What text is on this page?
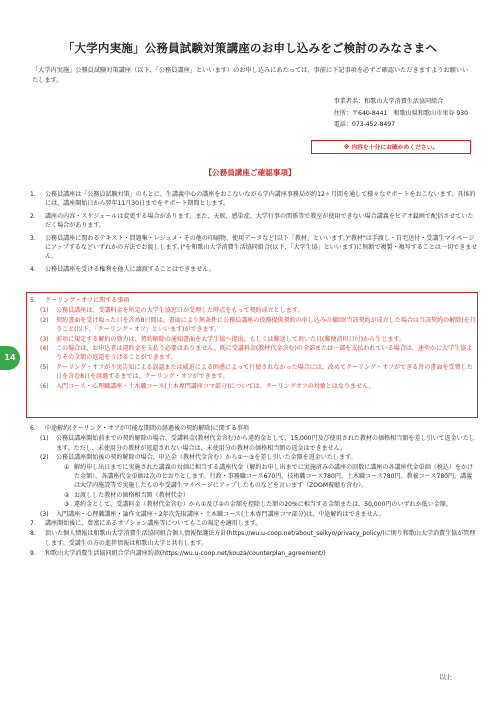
「大学内実施」公務員試験対策講座のお申し込みをご検討のみなさまへ
「大学内実施」公務員試験対策講座（以下、「公務員講座」といいます）のお申し込みにあたっては、事前に下記事項を必ずご確認いただきますようお願いいたします。
事業者名：和歌山大学消費生活協同組合
住所：〒640-8441　和歌山県和歌山市栄谷 930
電話：073-452-8497
※ 内容を十分にお確かめください。
【公務員講座ご確認事項】
1. 公務員講座は「公務員試験対策」のもとに、生講義中心の講座をおこないながら学内講座事務局が約12ヶ月間を通して様々なサポートをおこないます。具体的には、講座開始日から翌年11月30日までをサポート期間とします。
2. 講座の内容・スケジュールは変更する場合があります。また、天候、感染症、大学行事の関係等で教室が使用できない場合講義をビデオ録画で配信させていただく場合があります。
3. 公務員講座に関わるテキスト・問題集・レジュメ・その他の印刷物、使用データなど(以下「教材」といいます。)"教材"は手渡し・自宅送付・受講生マイページにアップするなどいずれかの方法でお渡しします。)"を和歌山大学消費生活協同組合(以下、「大学生協」といいます)に無断で複製・複写することは一切できません。
4. 公務員講座を受ける権利を他人に譲渡することはできません。
5. クーリング・オフに関する事項
(1) 公務員講座は、受講料金を所定の大学生協窓口が受理した時点をもって契約成立とします。
(2) 契約書面を受け取った日を含め8日間は、書面により無条件に公務員講座の役務提供契約の申し込みの撤回(当該契約が成立した場合は当該契約の解除)を行うこと(以下、「クーリング・オフ」といいます)ができます。
(3) 前項に規定する解約の効力は、契約解除の通知書面を大学生協へ提出、もしくは郵送して頂いた日(郵便消印日付)から生じます。
(4) この場合は、お申込者は違約金を支払う必要はありません。既に受講料金(教材代金含む)の全部または一部を支払われている場合は、速やかに大学生協よりその全額の返還をうけることができます。
(5) クーリング・オフが不実告知による誤認または威迫による困惑によって行使されなかった場合には、改めてクーリング・オフができる旨の書面を受領した日を含む8日を経過するまでは、クーリング・オフができます。
(6) 入門コース・心理職講座・土木職コース(土木専門講座コマ部分)については、クーリングオフの対象とはなりません。
14
6. 中途解約(クーリング・オフが可能な期間の経過後の契約解除)に関する事項
(1) 公務員講座開始前までの契約解除の場合、受講料金(教材代金含む)から違約金として、15,000円及び使用された教材の価格相当額を差し引いて返金いたします。ただし、未使用分の教材が返還されない場合は、未使用分の教材の価格相当額の返金はできません。
(2) 公務員講座開始後の契約解除の場合、申込金（教材代金含む）から①～③を差し引いた金額を返金いたします。
① 解約申し出日までに実施された講義の対価に相当する講座代金（解約お申し出までに実施済みの講座の回数に講座の各講座代金単価（税込）をかけた金額）。各講座代金単価は次のとおりとします。行政・事務職コース670円、技術職コース780円、土木職コース780円、教養コース780円。講義は大学内施設等で実施したものや受講生マイページにアップしたものなどを言います（ZOOM視聴も含む）。
② お渡しした教材の価格相当額（教材代金）
③ 違約金として、受講料金（教材代金含む）から①及び②の金額を控除した額の20%に相当する金額または、50,000円のいずれか低い金額。
(3) 入門講座・心理職講座・論作文講座・2年次先取講座・土木職コース(土木専門講座コマ部分)は、中途解約はできません。
7. 講座開始後に、豊富にあるオプション講座等についてもこの規定を適用します。
8. 頂いた個人情報は和歌山大学消費生活協同組合個人情報保護法方針(https://wu.u-coop.net/about_seikyo/privacy_policy/)に則り和歌山大学消費生協が管理します。受講生の方の進捗情報は和歌山大学と共有します。
9. 和歌山大学消費生活協同組合学内講座約款(https://wu.u-coop.net/kouza/counterplan_agreement/)
以上
